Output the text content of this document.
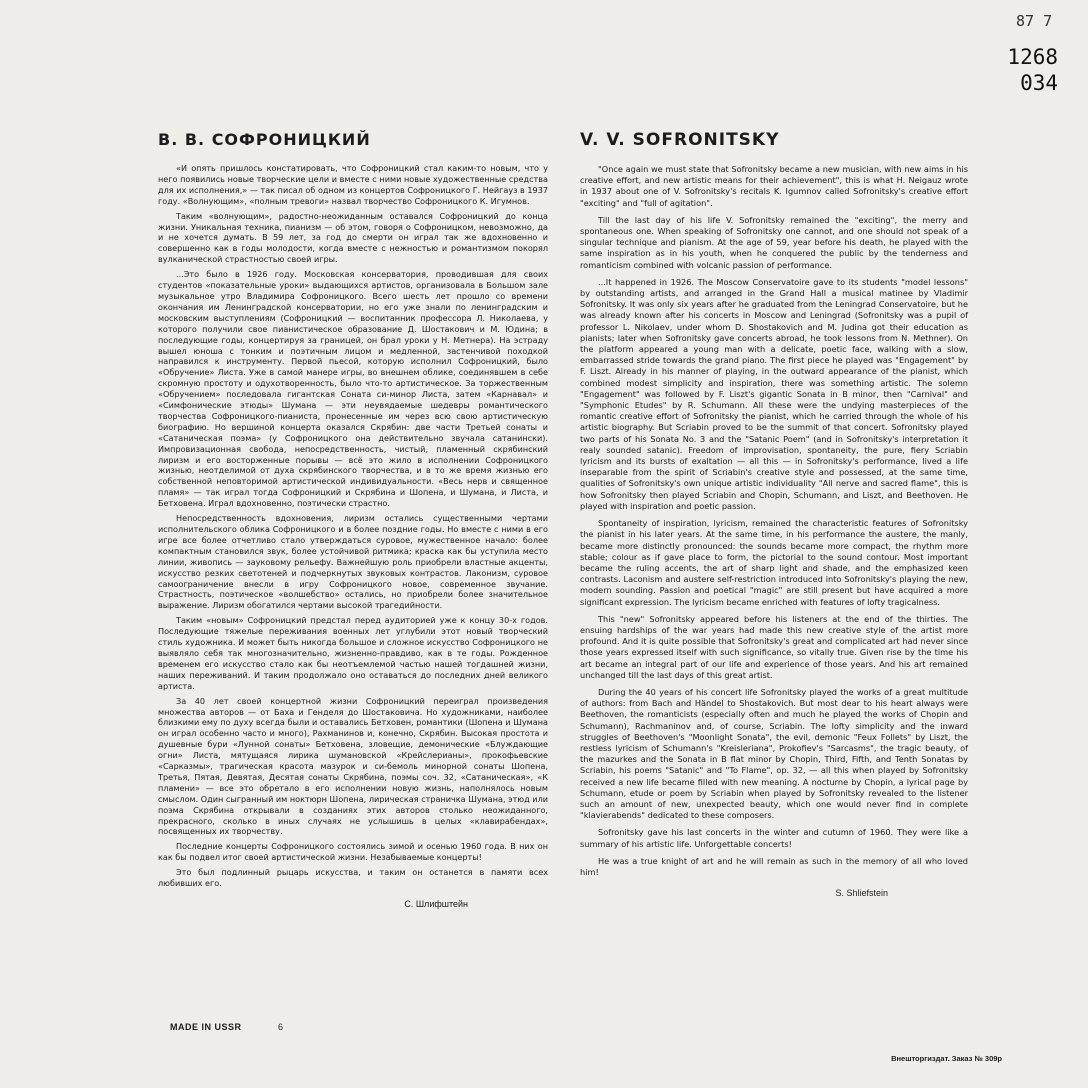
87 7
1268
034
В. В. СОФРОНИЦКИЙ

«И опять пришлось констатировать, что Софроницкий стал каким-то новым, что у него появились новые творческие цели и вместе с ними новые художественные средства для их исполнения,» — так писал об одном из концертов Софроницкого Г. Нейгауз в 1937 году. «Волнующим», «полным тревоги» назвал творчество Софроницкого К. Игумнов.

Таким «волнующим», радостно-неожиданным оставался Софроницкий до конца жизни. Уникальная техника, пианизм — об этом, говоря о Софроницком, невозможно, да и не хочется думать. В 59 лет, за год до смерти он играл так же вдохновенно и совершенно как в годы молодости, когда вместе с нежностью и романтизмом покорял вулканической страстностью своей игры.

...Это было в 1926 году. Московская консерватория, проводившая для своих студентов «показательные уроки» выдающихся артистов, организовала в Большом зале музыкальное утро Владимира Софроницкого. Всего шесть лет прошло со времени окончания им Ленинградской консерватории, но его уже знали по ленинградским и московским выступлениям (Софроницкий — воспитанник профессора Л. Николаева, у которого получили свое пианистическое образование Д. Шостакович и М. Юдина; в последующие годы, концертируя за границей, он брал уроки у Н. Метнера). На эстраду вышел юноша с тонким и поэтичным лицом и медленной, застенчивой походкой направился к инструменту. Первой пьесой, которую исполнил Софроницкий, было «Обручение» Листа. Уже в самой манере игры, во внешнем облике, соединявшем в себе скромную простоту и одухотворенность, было что-то артистическое. За торжественным «Обручением» последовала гигантская Соната си-минор Листа, затем «Карнавал» и «Симфонические этюды» Шумана — эти неувядаемые шедевры романтического творчества Софроницкого-пианиста, пронесенные им через всю свою артистическую биографию. Но вершиной концерта оказался Скрябин: две части Третьей сонаты и «Сатаническая поэма» (у Софроницкого она действительно звучала сатанински). Импровизационная свобода, непосредственность, чистый, пламенный скрябинский лиризм и его восторженные порывы — всё это жило в исполнении Софроницкого жизнью, неотделимой от духа скрябинского творчества, и в то же время жизнью его собственной неповторимой артистической индивидуальности. «Весь нерв и священное пламя» — так играл тогда Софроницкий и Скрябина и Шопена, и Шумана, и Листа, и Бетховена. Играл вдохновенно, поэтически страстно.

Непосредственность вдохновения, лиризм остались существенными чертами исполнительского облика Софроницкого и в более поздние годы. Но вместе с ними в его игре все более отчетливо стало утверждаться суровое, мужественное начало: более компактным становился звук, более устойчивой ритмика; краска как бы уступила место линии, живопись — зауковому рельефу. Важнейшую роль приобрели властные акценты, искусство резких светотеней и подчеркнутых звуковых контрастов. Лаконизм, суровое самоограничение внесли в игру Софроницкого новое, современное звучание. Страстность, поэтическое «волшебство» остались, но приобрели более значительное выражение. Лиризм обогатился чертами высокой трагедийности.

Таким «новым» Софроницкий предстал перед аудиторией уже к концу 30-х годов. Последующие тяжелые переживания военных лет углубили этот новый творческий стиль художника. И может быть никогда большое и сложное искусство Софроницкого не выявляло себя так многозначительно, жизненно-правдиво, как в те годы. Рожденное временем его искусство стало как бы неотъемлемой частью нашей тогдашней жизни, наших переживаний. И таким продолжало оно оставаться до последних дней великого артиста.

За 40 лет своей концертной жизни Софроницкий переиграл произведения множества авторов — от Баха и Генделя до Шостаковича. Но художниками, наиболее близкими ему по духу всегда были и оставались Бетховен, романтики (Шопена и Шумана он играл особенно часто и много), Рахманинов и, конечно, Скрябин. Высокая простота и душевные бури «Лунной сонаты» Бетховена, зловещие, демонические «Блуждающие огни» Листа, мятущаяся лирика шумановской «Крейслерианы», прокофьевские «Сарказмы», трагическая красота мазурок и си-бемоль минорной сонаты Шопена, Третья, Пятая, Девятая, Десятая сонаты Скрябина, поэмы соч. 32, «Сатаническая», «К пламени» — все это обретало в его исполнении новую жизнь, наполнялось новым смыслом. Один сыгранный им ноктюрн Шопена, лирическая страничка Шумана, этюд или поэма Скрябина открывали в созданиях этих авторов столько неожиданного, прекрасного, сколько в иных случаях не услышишь в целых «клавирабендах», посвященных их творчеству.

Последние концерты Софроницкого состоялись зимой и осенью 1960 года. В них он как бы подвел итог своей артистической жизни. Незабываемые концерты!

Это был подлинный рыцарь искусства, и таким он останется в памяти всех любивших его.

С. Шлифштейн
V. V. SOFRONITSKY

"Once again we must state that Sofronitsky became a new musician, with new aims in his creative effort, and new artistic means for their achievement", this is what H. Neigauz wrote in 1937 about one of V. Sofronitsky's recitals K. Igumnov called Sofronitsky's creative effort "exciting" and "full of agitation".

Till the last day of his life V. Sofronitsky remained the "exciting", the merry and spontaneous one. When speaking of Sofronitsky one cannot, and one should not speak of a singular technique and pianism. At the age of 59, year before his death, he played with the same inspiration as in his youth, when he conquered the public by the tenderness and romanticism combined with volcanic passion of performance.

...It happened in 1926. The Moscow Conservatoire gave to its students "model lessons" by outstanding artists, and arranged in the Grand Hall a musical matinee by Vladimir Sofronitsky. It was only six years after he graduated from the Leningrad Conservatoire, but he was already known after his concerts in Moscow and Leningrad (Sofronitsky was a pupil of professor L. Nikolaev, under whom D. Shostakovich and M. Judina got their education as pianists; later when Sofronitsky gave concerts abroad, he took lessons from N. Methner). On the platform appeared a young man with a delicate, poetic face, walking with a slow, embarrassed stride towards the grand piano. The first piece he played was "Engagement" by F. Liszt. Already in his manner of playing, in the outward appearance of the pianist, which combined modest simplicity and inspiration, there was something artistic. The solemn "Engagement" was followed by F. Liszt's gigantic Sonata in B minor, then "Carnival" and "Symphonic Etudes" by R. Schumann. All these were the undying masterpieces of the romantic creative effort of Sofronitsky the pianist, which he carried through the whole of his artistic biography. But Scriabin proved to be the summit of that concert. Sofronitsky played two parts of his Sonata No. 3 and the "Satanic Poem" (and in Sofronitsky's interpretation it realy sounded satanic). Freedom of improvisation, spontaneity, the pure, fiery Scriabin lyricism and its bursts of exaltation — all this — in Sofronitsky's performance, lived a life inseparable from the spirit of Scriabin's creative style and possessed, at the same time, qualities of Sofronitsky's own unique artistic individuality "All nerve and sacred flame", this is how Sofronitsky then played Scriabin and Chopin, Schumann, and Liszt, and Beethoven. He played with inspiration and poetic passion.

Spontaneity of inspiration, lyricism, remained the characteristic features of Sofronitsky the pianist in his later years. At the same time, in his performance the austere, the manly, became more distinctly pronounced: the sounds became more compact, the rhythm more stable; colour as if gave place to form, the pictorial to the sound contour. Most important became the ruling accents, the art of sharp light and shade, and the emphasized keen contrasts. Laconism and austere self-restriction introduced into Sofronitsky's playing the new, modern sounding. Passion and poetical "magic" are still present but have acquired a more significant expression. The lyricism became enriched with features of lofty tragicalness.

This "new" Sofronitsky appeared before his listeners at the end of the thirties. The ensuing hardships of the war years had made this new creative style of the artist more profound. And it is quite possible that Sofronitsky's great and complicated art had never since those years expressed itself with such significance, so vitally true. Given rise by the time his art became an integral part of our life and experience of those years. And his art remained unchanged till the last days of this great artist.

During the 40 years of his concert life Sofronitsky played the works of a great multitude of authors: from Bach and Händel to Shostakovich. But most dear to his heart always were Beethoven, the romanticists (especially often and much he played the works of Chopin and Schumann), Rachmaninov and, of course, Scriabin. The lofty simplicity and the inward struggles of Beethoven's "Moonlight Sonata", the evil, demonic "Feux Follets" by Liszt, the restless lyricism of Schumann's "Kreisleriana", Prokofiev's "Sarcasms", the tragic beauty, of the mazurkes and the Sonata in B flat minor by Chopin, Third, Fifth, and Tenth Sonatas by Scriabin, his poems "Satanic" and "To Flame", op. 32, — all this when played by Sofronitsky received a new life became filled with new meaning. A nocturne by Chopin, a lyrical page by Schumann, etude or poem by Scriabin when played by Sofronitsky revealed to the listener such an amount of new, unexpected beauty, which one would never find in complete "klavierabends" dedicated to these composers.

Sofronitsky gave his last concerts in the winter and cutumn of 1960. They were like a summary of his artistic life. Unforgettable concerts!

He was a true knight of art and he will remain as such in the memory of all who loved him!

S. Shliefstein
MADE IN USSR	6
Внешторгиздат. Заказ № 309р
